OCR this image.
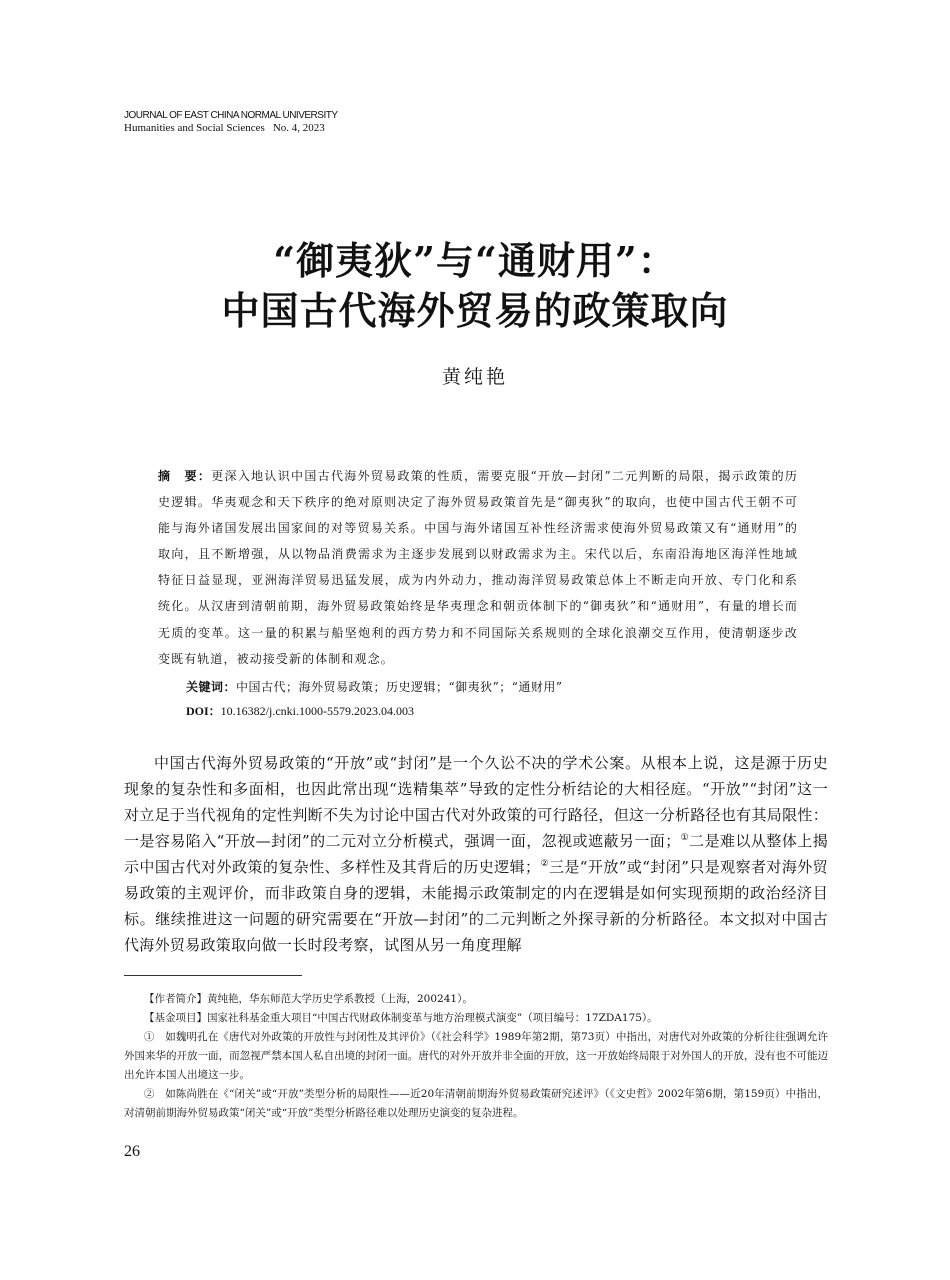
JOURNAL OF EAST CHINA NORMAL UNIVERSITY
Humanities and Social Sciences No. 4, 2023
“御夷狄”与“通财用”：
中国古代海外贸易的政策取向
黄纯艳
摘　要：更深入地认识中国古代海外贸易政策的性质，需要克服“开放—封闭”二元判断的局限，揭示政策的历史逻辑。华夷观念和天下秩序的绝对原则决定了海外贸易政策首先是“御夷狄”的取向，也使中国古代王朝不可能与海外诸国发展出国家间的对等贸易关系。中国与海外诸国互补性经济需求使海外贸易政策又有“通财用”的取向，且不断增强，从以物品消费需求为主逐步发展到以财政需求为主。宋代以后，东南沿海地区海洋性地域特征日益显现，亚洲海洋贸易迅猛发展，成为内外动力，推动海洋贸易政策总体上不断走向开放、专门化和系统化。从汉唐到清朝前期，海外贸易政策始终是华夷理念和朝贡体制下的“御夷狄”和“通财用”，有量的增长而无质的变革。这一量的积累与船坚炮利的西方势力和不同国际关系规则的全球化浪潮交互作用，使清朝逐步改变既有轨道，被动接受新的体制和观念。
关键词：中国古代；海外贸易政策；历史逻辑；“御夷狄”；“通财用”
DOI：10.16382/j.cnki.1000-5579.2023.04.003

中国古代海外贸易政策的“开放”或“封闭”是一个久讼不决的学术公案。从根本上说，这是源于历史现象的复杂性和多面相，也因此常出现“选精集萃”导致的定性分析结论的大相径庭。“开放”“封闭”这一对立足于当代视角的定性判断不失为讨论中国古代对外政策的可行路径，但这一分析路径也有其局限性：一是容易陷入“开放—封闭”的二元对立分析模式，强调一面，忽视或遮蔽另一面；①二是难以从整体上揭示中国古代对外政策的复杂性、多样性及其背后的历史逻辑；②三是“开放”或“封闭”只是观察者对海外贸易政策的主观评价，而非政策自身的逻辑，未能揭示政策制定的内在逻辑是如何实现预期的政治经济目标。继续推进这一问题的研究需要在“开放—封闭”的二元判断之外探寻新的分析路径。本文拟对中国古代海外贸易政策取向做一长时段考察，试图从另一角度理解

【作者简介】黄纯艳，华东师范大学历史学系教授（上海，200241）。

【基金项目】国家社科基金重大项目“中国古代财政体制变革与地方治理模式演变”（项目编号：17ZDA175）。

①　如魏明孔在《唐代对外政策的开放性与封闭性及其评价》（《社会科学》1989年第2期，第73页）中指出，对唐代对外政策的分析往往强调允许外国来华的开放一面，而忽视严禁本国人私自出境的封闭一面。唐代的对外开放并非全面的开放，这一开放始终局限于对外国人的开放，没有也不可能迈出允许本国人出境这一步。

②　如陈尚胜在《“闭关”或“开放”类型分析的局限性——近20年清朝前期海外贸易政策研究述评》（《文史哲》2002年第6期，第159页）中指出，对清朝前期海外贸易政策“闭关”或“开放”类型分析路径难以处理历史演变的复杂进程。

26
